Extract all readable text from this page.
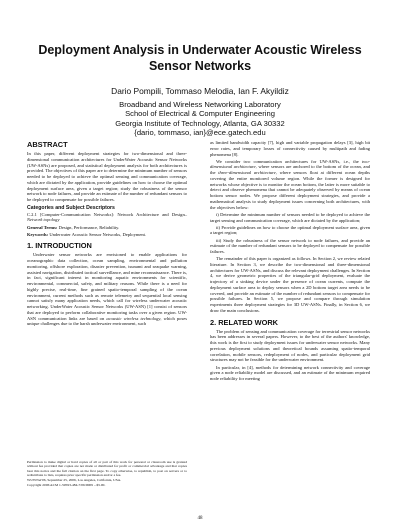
Deployment Analysis in Underwater Acoustic Wireless Sensor Networks
Dario Pompili, Tommaso Melodia, Ian F. Akyildiz
Broadband and Wireless Networking Laboratory
School of Electrical & Computer Engineering
Georgia Institute of Technology, Atlanta, GA 30332
{dario, tommaso, ian}@ece.gatech.edu
ABSTRACT

In this paper, different deployment strategies for two-dimensional and three-dimensional communication architectures for UnderWater Acoustic Sensor Networks (UW-ASNs) are proposed, and statistical deployment analysis for both architectures is provided. The objectives of this paper are to determine the minimum number of sensors needed to be deployed to achieve the optimal sensing and communication coverage, which are dictated by the application, provide guidelines on how to choose the optimal deployment surface area, given a target region; study the robustness of the sensor network to node failures, and provide an estimate of the number of redundant sensors to be deployed to compensate for possible failures.

Categories and Subject Descriptors

C.2.1 [Computer-Communication Networks]: Network Architecture and Design–Network topology

General Terms: Design, Performance, Reliability.

Keywords: Underwater Acoustic Sensor Networks, Deployment.

1. INTRODUCTION

Underwater sensor networks are envisioned to enable applications for oceanographic data collection, ocean sampling, environmental and pollution monitoring, offshore exploration, disaster prevention, tsunami and seaquake warning, assisted navigation, distributed tactical surveillance, and mine reconnaissance. There is, in fact, significant interest in monitoring aquatic environments for scientific, environmental, commercial, safety, and military reasons. While there is a need for highly precise, real-time, fine grained spatio-temporal sampling of the ocean environment, current methods such as remote telemetry and sequential local sensing cannot satisfy many application needs, which call for wireless underwater acoustic networking. UnderWater Acoustic Sensor Networks (UW-ASN) [1] consist of sensors that are deployed to perform collaborative monitoring tasks over a given region. UW-ASN communication links are based on acoustic wireless technology, which poses unique challenges due to the harsh underwater environment, such

Permission to make digital or hard copies of all or part of this work for personal or classroom use is granted without fee provided that copies are not made or distributed for profit or commercial advantage and that copies bear this notice and the full citation on the first page. To copy otherwise, to republish, to post on servers or to redistribute to lists, requires prior specific permission and/or a fee.

WUWNet'06, September 25, 2006, Los Angeles, California, USA.

Copyright 2006 ACM 1-59593-484-7/06/0009 ...$5.00.

as limited bandwidth capacity [7], high and variable propagation delays [3], high bit error rates, and temporary losses of connectivity caused by multipath and fading phenomena [8].

We consider two communication architectures for UW-ASNs, i.e., the two-dimensional architecture, where sensors are anchored to the bottom of the ocean, and the three-dimensional architecture, where sensors float at different ocean depths covering the entire monitored volume region. While the former is designed for networks whose objective is to monitor the ocean bottom, the latter is more suitable to detect and observe phenomena that cannot be adequately observed by means of ocean bottom sensor nodes. We propose different deployment strategies, and provide a mathematical analysis to study deployment issues concerning both architectures, with the objectives below:

i) Determine the minimum number of sensors needed to be deployed to achieve the target sensing and communication coverage, which are dictated by the application;

ii) Provide guidelines on how to choose the optimal deployment surface area, given a target region;

iii) Study the robustness of the sensor network to node failures, and provide an estimate of the number of redundant sensors to be deployed to compensate for possible failures.

The remainder of this paper is organized as follows. In Section 2, we review related literature. In Section 3, we describe the two-dimensional and three-dimensional architectures for UW-ASNs, and discuss the relevant deployment challenges. In Section 4, we derive geometric properties of the triangular-grid deployment, evaluate the trajectory of a sinking device under the presence of ocean currents, compute the deployment surface area to deploy sensors when a 2D bottom target area needs to be covered, and provide an estimate of the number of redundant sensors to compensate for possible failures. In Section 5, we propose and compare through simulation experiments three deployment strategies for 3D UW-ASNs. Finally, in Section 6, we draw the main conclusions.

2. RELATED WORK

The problem of sensing and communication coverage for terrestrial sensor networks has been addresses in several papers. However, to the best of the authors' knowledge, this work is the first to study deployment issues for underwater sensor networks. Many previous deployment solutions and theoretical bounds assuming spatio-temporal correlation, mobile sensors, redeployment of nodes, and particular deployment grid structures may not be feasible for the underwater environment.

In particular, in [4], methods for determining network connectivity and coverage given a node reliability model are discussed, and an estimate of the minimum required node reliability for meeting

48
